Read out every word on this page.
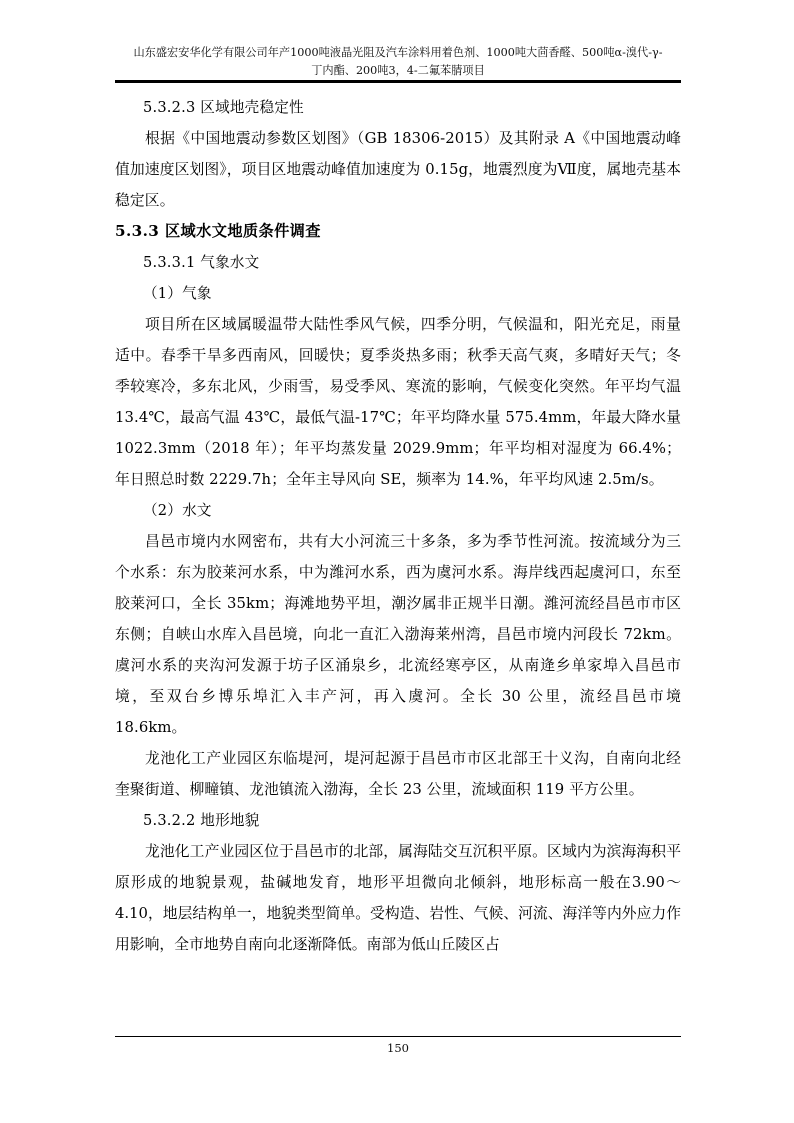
山东盛宏安华化学有限公司年产1000吨液晶光阻及汽车涂料用着色剂、1000吨大茴香醛、500吨α-溴代-γ-
丁内酯、200吨3，4-二氟苯腈项目
5.3.2.3 区域地壳稳定性

根据《中国地震动参数区划图》（GB 18306-2015）及其附录 A《中国地震动峰值加速度区划图》，项目区地震动峰值加速度为 0.15g，地震烈度为Ⅶ度，属地壳基本稳定区。

5.3.3 区域水文地质条件调查
5.3.3.1 气象水文
（1）气象

项目所在区域属暖温带大陆性季风气候，四季分明，气候温和，阳光充足，雨量适中。春季干旱多西南风，回暖快；夏季炎热多雨；秋季天高气爽，多晴好天气；冬季较寒冷，多东北风，少雨雪，易受季风、寒流的影响，气候变化突然。年平均气温 13.4℃，最高气温 43℃，最低气温-17℃；年平均降水量 575.4mm，年最大降水量 1022.3mm（2018 年）；年平均蒸发量 2029.9mm；年平均相对湿度为 66.4%；年日照总时数 2229.7h；全年主导风向 SE，频率为 14.%，年平均风速 2.5m/s。

（2）水文

昌邑市境内水网密布，共有大小河流三十多条，多为季节性河流。按流域分为三个水系：东为胶莱河水系，中为潍河水系，西为虞河水系。海岸线西起虞河口，东至胶莱河口，全长 35km；海滩地势平坦，潮汐属非正规半日潮。潍河流经昌邑市市区东侧；自峡山水库入昌邑境，向北一直汇入渤海莱州湾，昌邑市境内河段长 72km。虞河水系的夹沟河发源于坊子区涌泉乡，北流经寒亭区，从南逄乡单家埠入昌邑市境，至双台乡博乐埠汇入丰产河，再入虞河。全长 30 公里，流经昌邑市境 18.6km。

龙池化工产业园区东临堤河，堤河起源于昌邑市市区北部王十义沟，自南向北经奎聚街道、柳疃镇、龙池镇流入渤海，全长 23 公里，流域面积 119 平方公里。

5.3.2.2 地形地貌

龙池化工产业园区位于昌邑市的北部，属海陆交互沉积平原。区域内为滨海海积平原形成的地貌景观，盐碱地发育，地形平坦微向北倾斜，地形标高一般在3.90～4.10，地层结构单一，地貌类型简单。受构造、岩性、气候、河流、海洋等内外应力作用影响，全市地势自南向北逐渐降低。南部为低山丘陵区占

150
